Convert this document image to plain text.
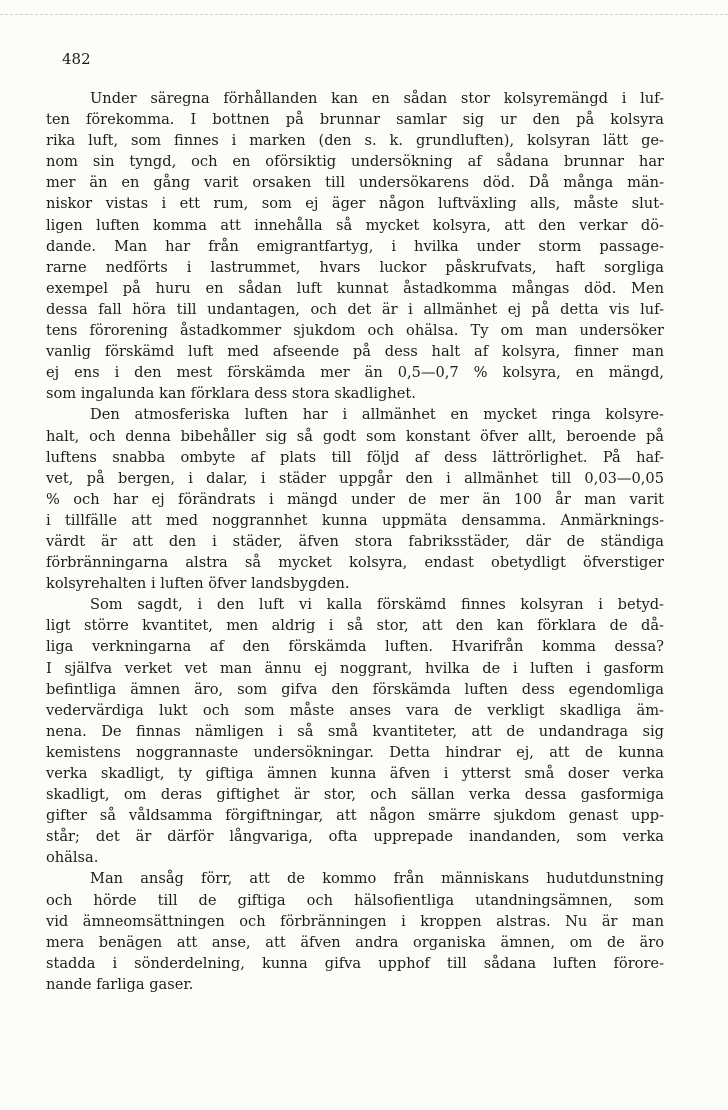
482
Under säregna förhållanden kan en sådan stor kolsyremängd i luf-
ten förekomma. I bottnen på brunnar samlar sig ur den på kolsyra
rika luft, som finnes i marken (den s. k. grundluften), kolsyran lätt ge-
nom sin tyngd, och en oförsiktig undersökning af sådana brunnar har
mer än en gång varit orsaken till undersökarens död. Då många män-
niskor vistas i ett rum, som ej äger någon luftväxling alls, måste slut-
ligen luften komma att innehålla så mycket kolsyra, att den verkar dö-
dande. Man har från emigrantfartyg, i hvilka under storm passage-
rarne nedförts i lastrummet, hvars luckor påskrufvats, haft sorgliga
exempel på huru en sådan luft kunnat åstadkomma mångas död. Men
dessa fall höra till undantagen, och det är i allmänhet ej på detta vis luf-
tens förorening åstadkommer sjukdom och ohälsa. Ty om man undersöker
vanlig förskämd luft med afseende på dess halt af kolsyra, finner man
ej ens i den mest förskämda mer än 0,5—0,7 % kolsyra, en mängd,
som ingalunda kan förklara dess stora skadlighet.
Den atmosferiska luften har i allmänhet en mycket ringa kolsyre-
halt, och denna bibehåller sig så godt som konstant öfver allt, beroende på
luftens snabba ombyte af plats till följd af dess lättrörlighet. På haf-
vet, på bergen, i dalar, i städer uppgår den i allmänhet till 0,03—0,05
% och har ej förändrats i mängd under de mer än 100 år man varit
i tillfälle att med noggrannhet kunna uppmäta densamma. Anmärknings-
värdt är att den i städer, äfven stora fabriksstäder, där de ständiga
förbränningarna alstra så mycket kolsyra, endast obetydligt öfverstiger
kolsyrehalten i luften öfver landsbygden.
Som sagdt, i den luft vi kalla förskämd finnes kolsyran i betyd-
ligt större kvantitet, men aldrig i så stor, att den kan förklara de då-
liga verkningarna af den förskämda luften. Hvarifrån komma dessa?
I själfva verket vet man ännu ej noggrant, hvilka de i luften i gasform
befintliga ämnen äro, som gifva den förskämda luften dess egendomliga
vedervärdiga lukt och som måste anses vara de verkligt skadliga äm-
nena. De finnas nämligen i så små kvantiteter, att de undandraga sig
kemistens noggrannaste undersökningar. Detta hindrar ej, att de kunna
verka skadligt, ty giftiga ämnen kunna äfven i ytterst små doser verka
skadligt, om deras giftighet är stor, och sällan verka dessa gasformiga
gifter så våldsamma förgiftningar, att någon smärre sjukdom genast upp-
står; det är därför långvariga, ofta upprepade inandanden, som verka
ohälsa.
Man ansåg förr, att de kommo från människans hudutdunstning
och hörde till de giftiga och hälsofientliga utandningsämnen, som
vid ämneomsättningen och förbränningen i kroppen alstras. Nu är man
mera benägen att anse, att äfven andra organiska ämnen, om de äro
stadda i sönderdelning, kunna gifva upphof till sådana luften förore-
nande farliga gaser.
